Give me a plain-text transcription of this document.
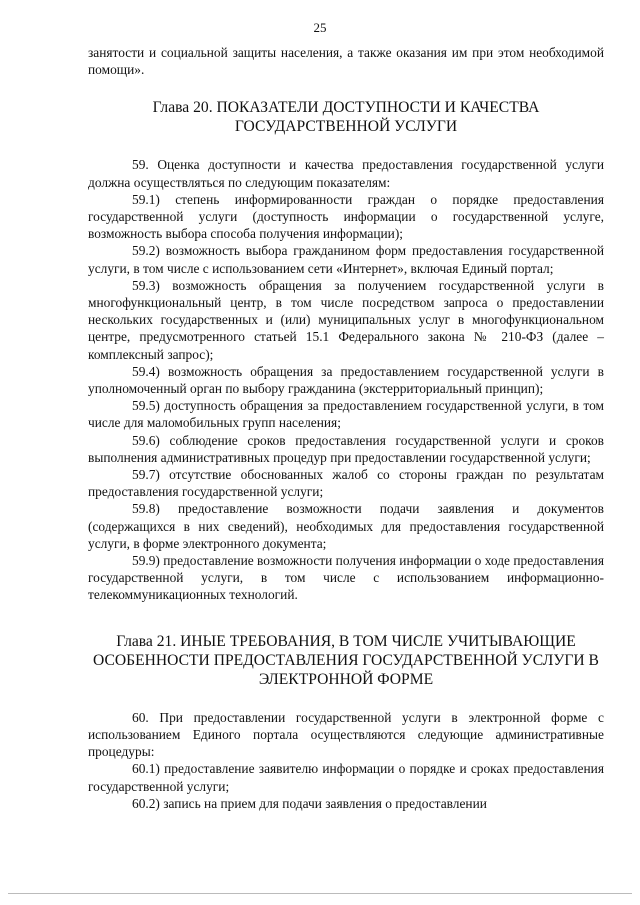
25

занятости и социальной защиты населения, а также оказания им при этом необходимой помощи».

Глава 20. ПОКАЗАТЕЛИ ДОСТУПНОСТИ И КАЧЕСТВА
ГОСУДАРСТВЕННОЙ УСЛУГИ

59. Оценка доступности и качества предоставления государственной услуги должна осуществляться по следующим показателям:

59.1) степень информированности граждан о порядке предоставления государственной услуги (доступность информации о государственной услуге, возможность выбора способа получения информации);

59.2) возможность выбора гражданином форм предоставления государственной услуги, в том числе с использованием сети «Интернет», включая Единый портал;

59.3) возможность обращения за получением государственной услуги в многофункциональный центр, в том числе посредством запроса о предоставлении нескольких государственных и (или) муниципальных услуг в многофункциональном центре, предусмотренного статьей 15.1 Федерального закона № 210-ФЗ (далее – комплексный запрос);

59.4) возможность обращения за предоставлением государственной услуги в уполномоченный орган по выбору гражданина (экстерриториальный принцип);

59.5) доступность обращения за предоставлением государственной услуги, в том числе для маломобильных групп населения;

59.6) соблюдение сроков предоставления государственной услуги и сроков выполнения административных процедур при предоставлении государственной услуги;

59.7) отсутствие обоснованных жалоб со стороны граждан по результатам предоставления государственной услуги;

59.8) предоставление возможности подачи заявления и документов (содержащихся в них сведений), необходимых для предоставления государственной услуги, в форме электронного документа;

59.9) предоставление возможности получения информации о ходе предоставления государственной услуги, в том числе с использованием информационно-телекоммуникационных технологий.

Глава 21. ИНЫЕ ТРЕБОВАНИЯ, В ТОМ ЧИСЛЕ УЧИТЫВАЮЩИЕ
ОСОБЕННОСТИ ПРЕДОСТАВЛЕНИЯ ГОСУДАРСТВЕННОЙ УСЛУГИ В
ЭЛЕКТРОННОЙ ФОРМЕ

60. При предоставлении государственной услуги в электронной форме с использованием Единого портала осуществляются следующие административные процедуры:

60.1) предоставление заявителю информации о порядке и сроках предоставления государственной услуги;

60.2) запись на прием для подачи заявления о предоставлении
